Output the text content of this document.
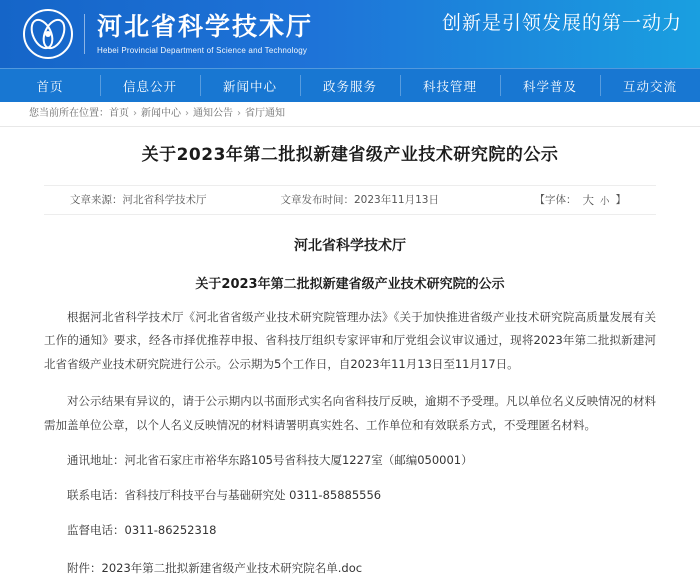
河北省科学技术厅
Hebei Provincial Department of Science and Technology
创新是引领发展的第一动力
首页	信息公开	新闻中心	政务服务	科技管理	科学普及	互动交流
您当前所在位置：首页 › 新闻中心 › 通知公告 › 省厅通知
关于2023年第二批拟新建省级产业技术研究院的公示
文章来源：河北省科学技术厅	文章发布时间：2023年11月13日	【字体： 大 小 】
河北省科学技术厅
关于2023年第二批拟新建省级产业技术研究院的公示

根据河北省科学技术厅《河北省省级产业技术研究院管理办法》《关于加快推进省级产业技术研究院高质量发展有关工作的通知》要求，经各市择优推荐申报、省科技厅组织专家评审和厅党组会议审议通过，现将2023年第二批拟新建河北省省级产业技术研究院进行公示。公示期为5个工作日，自2023年11月13日至11月17日。

对公示结果有异议的，请于公示期内以书面形式实名向省科技厅反映，逾期不予受理。凡以单位名义反映情况的材料需加盖单位公章，以个人名义反映情况的材料请署明真实姓名、工作单位和有效联系方式，不受理匿名材料。

通讯地址：河北省石家庄市裕华东路105号省科技大厦1227室（邮编050001）

联系电话：省科技厅科技平台与基础研究处 0311-85885556

监督电话：0311-86252318

附件：2023年第二批拟新建省级产业技术研究院名单.doc
